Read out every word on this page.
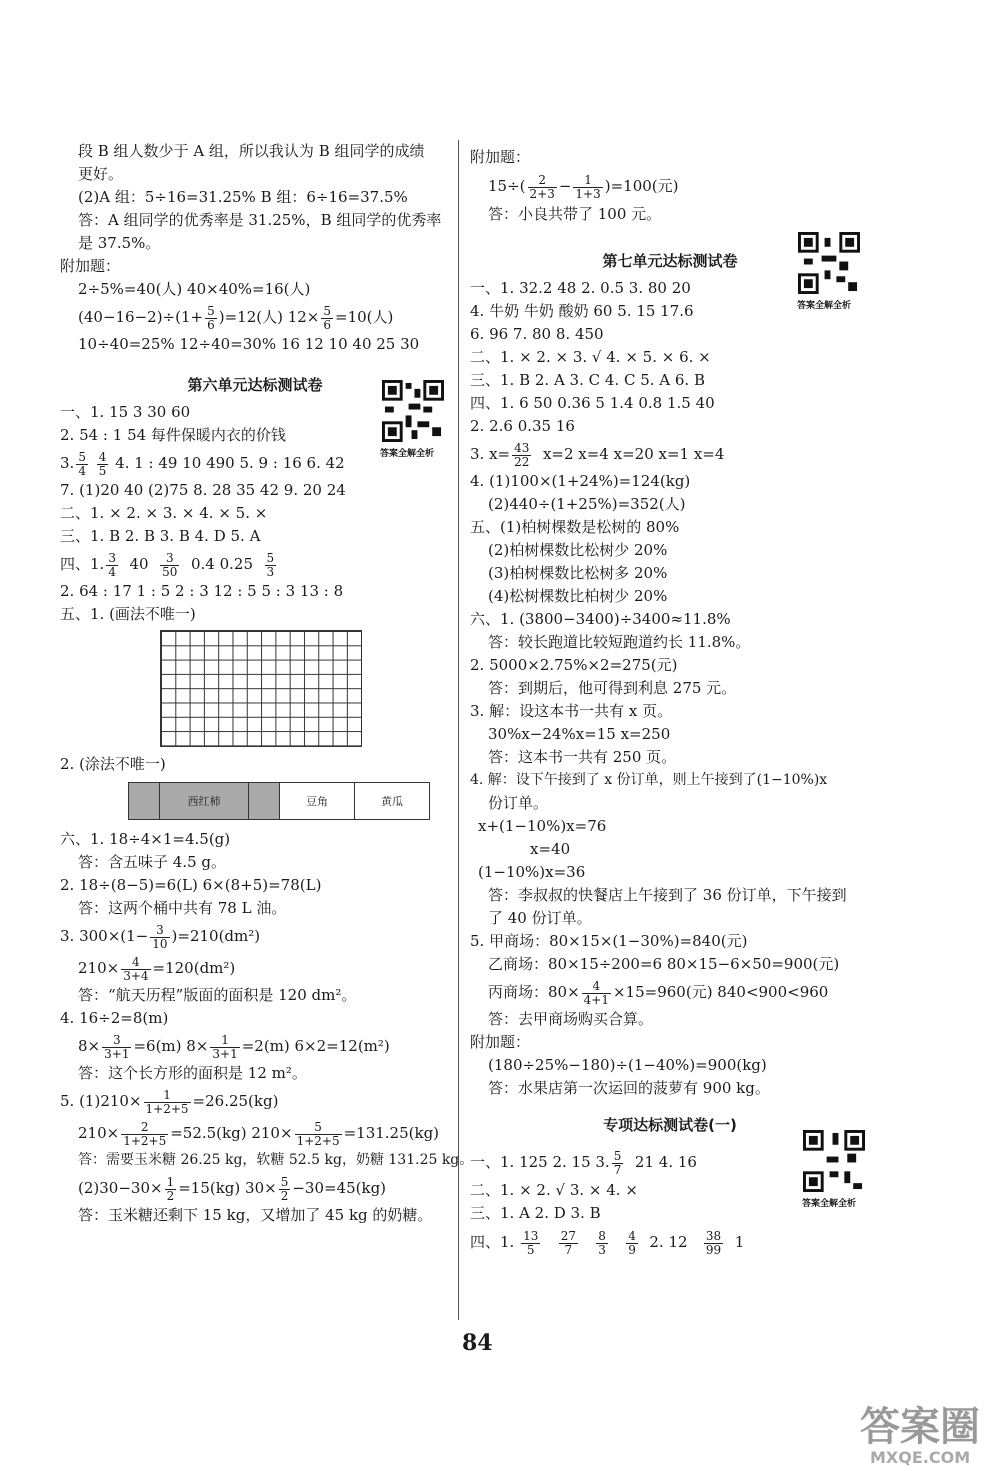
段 B 组人数少于 A 组，所以我认为 B 组同学的成绩

更好。

(2)A 组：5÷16=31.25% B 组：6÷16=37.5%

答：A 组同学的优秀率是 31.25%，B 组同学的优秀率

是 37.5%。

附加题：

2÷5%=40(人) 40×40%=16(人)

$(40-16-2)\div(1+ \frac{5}{6} )=12$(人) $12\times \frac{5}{6} =10$(人)

10÷40=25% 12÷40=30% 16 12 10 40 25 30

第六单元达标测试卷

一、1. 15 3 30 60

2. 54 : 1 54 每件保暖内衣的价钱

3. $\frac{5}{4}$
$\frac{4}{5} 4$. 1 : 49 10 490 5. 9 : 16 6. 42

7. (1)20 40 (2)75 8. 28 35 42 9. 20 24

二、1. × 2. × 3. × 4. × 5. ×

三、1. B 2. B 3. B 4. D 5. A

四、1. $\frac{3}{4} 40 \frac{3}{50} 0.4$ $0.25 \frac{5}{3}$

2. 64 : 17 1 : 5 2 : 3 12 : 5 5 : 3 13 : 8

五、1. (画法不唯一)

2. (涂法不唯一)

西红柿	豆角	黄瓜

六、1. 18÷4×1=4.5(g)

答：含五味子 4.5 g。

2. 18÷(8−5)=6(L) 6×(8+5)=78(L)

答：这两个桶中共有 78 L 油。

3. $300\times(1- \frac{3}{10} )=210(dm^2)$

$210\times \frac{4}{3+4} =120(dm^2)$

答：“航天历程”版面的面积是 120 dm²。

4. 16÷2=8(m)

$8\times \frac{3}{3+1} =6(m)$ $8\times \frac{1}{3+1} =2(m)$ 6×2=12(m²)

答：这个长方形的面积是 12 m²。

5. $(1)210\times \frac{1}{1+2+5} =26.25(kg)$

$210\times \frac{2}{1+2+5} =52.5(kg)$ $210\times \frac{5}{1+2+5} =131.25(kg)$

答：需要玉米糖 26.25 kg，软糖 52.5 kg，奶糖 131.25 kg。

$(2)30-30\times \frac{1}{2} =15(kg)$ $30\times \frac{5}{2} -30=45(kg)$

答：玉米糖还剩下 15 kg，又增加了 45 kg 的奶糖。

答案全解全析

附加题：

$15\div( \frac{2}{2+3} - \frac{1}{1+3} )=100$(元)

答：小良共带了 100 元。

第七单元达标测试卷

一、1. 32.2 48 2. 0.5 3. 80 20

4. 牛奶 牛奶 酸奶 60 5. 15 17.6

6. 96 7. 80 8. 450

二、1. × 2. × 3. √ 4. × 5. × 6. ×

三、1. B 2. A 3. C 4. C 5. A 6. B

四、1. 6 50 0.36 5 1.4 0.8 1.5 40

2. 2.6 0.35 16

3. $x= \frac{43}{22} x=2$ x=4 x=20 x=1 x=4

4. (1)100×(1+24%)=124(kg)

(2)440÷(1+25%)=352(人)

五、(1)柏树棵数是松树的 80%

(2)柏树棵数比松树少 20%

(3)柏树棵数比松树多 20%

(4)松树棵数比柏树少 20%

六、1. (3800−3400)÷3400≈11.8%

答：较长跑道比较短跑道约长 11.8%。

2. 5000×2.75%×2=275(元)

答：到期后，他可得到利息 275 元。

3. 解：设这本书一共有 x 页。

30%x−24%x=15 x=250

答：这本书一共有 250 页。

4. 解：设下午接到了 x 份订单，则上午接到了(1−10%)x

份订单。

x+(1−10%)x=76

x=40

(1−10%)x=36

答：李叔叔的快餐店上午接到了 36 份订单，下午接到

了 40 份订单。

5. 甲商场：80×15×(1−30%)=840(元)

乙商场：80×15÷200=6 80×15−6×50=900(元)

丙商场：$80\times \frac{4}{4+1} \times 15=960$(元) 840<900<960

答：去甲商场购买合算。

附加题：

(180÷25%−180)÷(1−40%)=900(kg)

答：水果店第一次运回的菠萝有 900 kg。

专项达标测试卷(一)

一、1. 125 2. 15 3. $\frac{5}{7} 21$ 4. 16

二、1. × 2. √ 3. × 4. ×

三、1. A 2. D 3. B

四、1. $\frac{13}{5}$
$\frac{27}{7}$
$\frac{8}{3}$
$\frac{4}{9} 2$. $12 \frac{38}{99} 1$

答案全解全析
答案全解全析
84
答案圈
MXQE.COM
